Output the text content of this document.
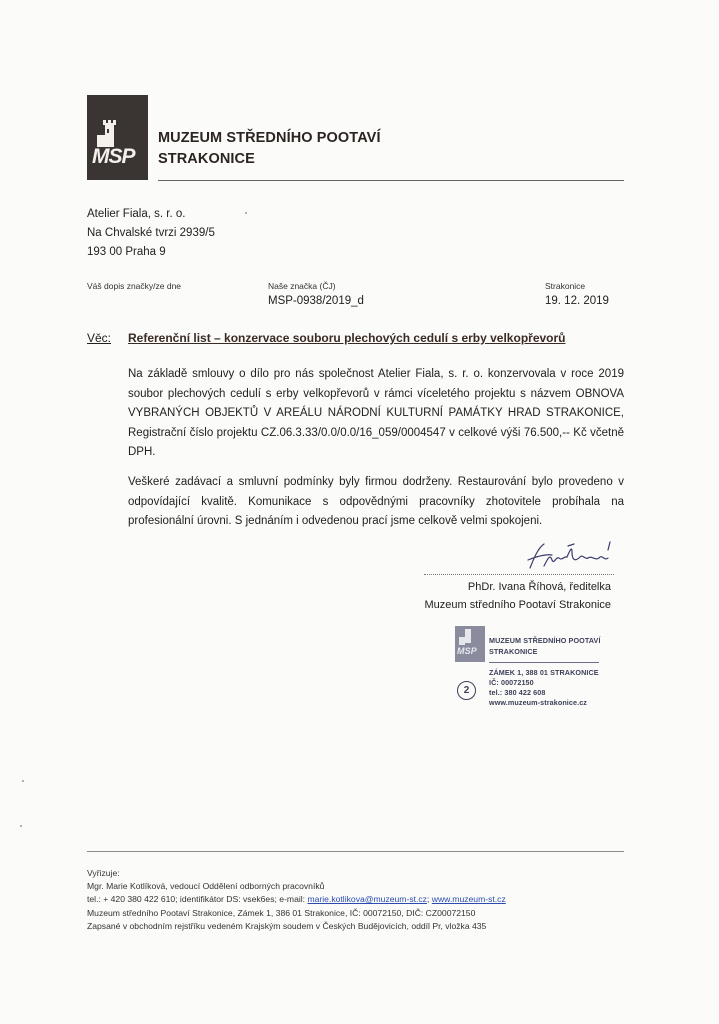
MSP
MUZEUM STŘEDNÍHO POOTAVÍ
STRAKONICE
Atelier Fiala, s. r. o.
Na Chvalské tvrzi 2939/5
193 00 Praha 9
Váš dopis značky/ze dne	Naše značka (ČJ)
MSP-0938/2019_d
Strakonice
19. 12. 2019
Věc: Referenční list – konzervace souboru plechových cedulí s erby velkopřevorů

Na základě smlouvy o dílo pro nás společnost Atelier Fiala, s. r. o. konzervovala v roce 2019 soubor plechových cedulí s erby velkopřevorů v rámci víceletého projektu s názvem OBNOVA VYBRANÝCH OBJEKTŮ V AREÁLU NÁRODNÍ KULTURNÍ PAMÁTKY HRAD STRAKONICE, Registrační číslo projektu CZ.06.3.33/0.0/0.0/16_059/0004547 v celkové výši 76.500,-- Kč včetně DPH.

Veškeré zadávací a smluvní podmínky byly firmou dodrženy. Restaurování bylo provedeno v odpovídající kvalitě. Komunikace s odpovědnými pracovníky zhotovitele probíhala na profesionální úrovni. S jednáním i odvedenou prací jsme celkově velmi spokojeni.

PhDr. Ivana Říhová, ředitelka
Muzeum středního Pootaví Strakonice
MSP
MUZEUM STŘEDNÍHO POOTAVÍ
STRAKONICE
ZÁMEK 1, 388 01 STRAKONICE
IČ: 00072150
tel.: 380 422 608
www.muzeum-strakonice.cz
2
Vyřizuje:
Mgr. Marie Kotlíková, vedoucí Oddělení odborných pracovníků
tel.: + 420 380 422 610; identifikátor DS: vsek6es; e-mail: marie.kotlikova@muzeum-st.cz; www.muzeum-st.cz
Muzeum středního Pootaví Strakonice, Zámek 1, 386 01 Strakonice, IČ: 00072150, DIČ: CZ00072150
Zapsané v obchodním rejstříku vedeném Krajským soudem v Českých Budějovicích, oddíl Pr, vložka 435
